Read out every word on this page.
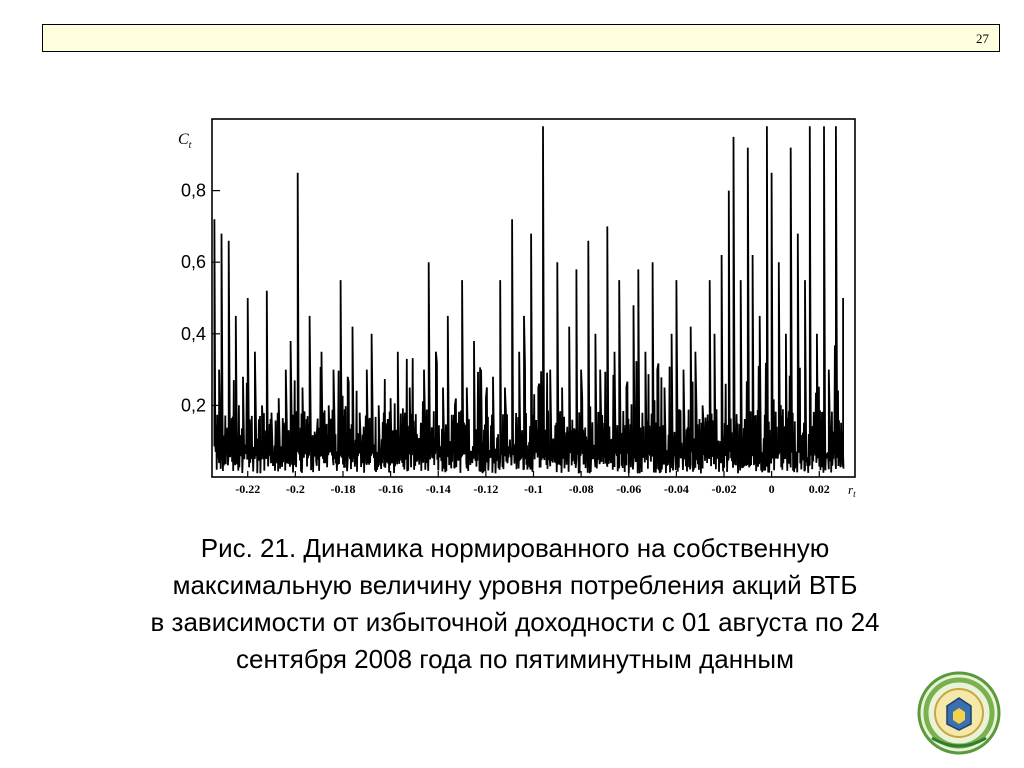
27
0,2
0,4
0,6
0,8
-0.22 -0.2 -0.18 -0.16 -0.14 -0.12 -0.1 -0.08 -0.06 -0.04 -0.02	0	0.02
$C_t$
$r_t$
Рис. 21. Динамика нормированного на собственную
максимальную величину уровня потребления акций ВТБ
в зависимости от избыточной доходности с 01 августа по 24
сентября 2008 года по пятиминутным данным
